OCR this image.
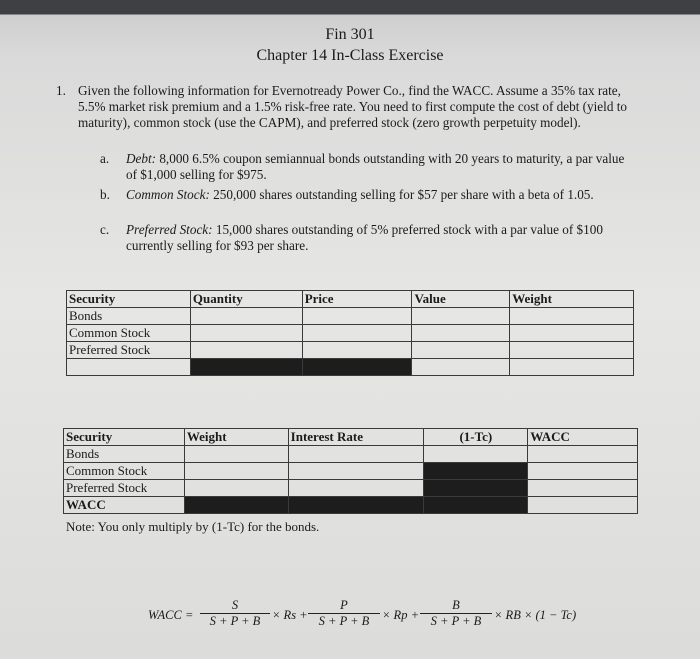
Fin 301
Chapter 14 In-Class Exercise
1. Given the following information for Evernotready Power Co., find the WACC. Assume a 35% tax rate, 5.5% market risk premium and a 1.5% risk-free rate. You need to first compute the cost of debt (yield to maturity), common stock (use the CAPM), and preferred stock (zero growth perpetuity model).
a. Debt: 8,000 6.5% coupon semiannual bonds outstanding with 20 years to maturity, a par value of $1,000 selling for $975.
b. Common Stock: 250,000 shares outstanding selling for $57 per share with a beta of 1.05.
c. Preferred Stock: 15,000 shares outstanding of 5% preferred stock with a par value of $100 currently selling for $93 per share.
Security	Quantity	Price	Value	Weight
Bonds				
Common Stock				
Preferred Stock				

Security	Weight	Interest Rate	(1-Tc)	WACC
Bonds				
Common Stock				
Preferred Stock				
WACC				
Note: You only multiply by (1-Tc) for the bonds.
WACC = $\frac{S}{S + P + B} \times Rs + \frac{P}{S + P + B} \times Rp + \frac{B}{S + P + B}$ × RB × (1 − Tc)
